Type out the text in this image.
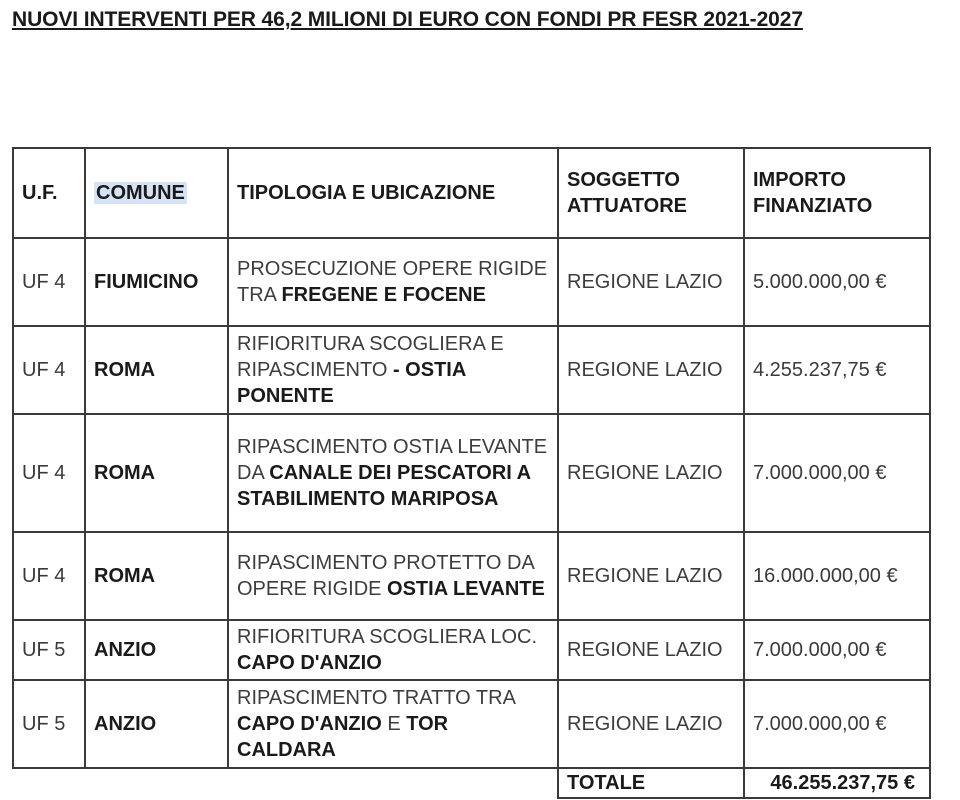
NUOVI INTERVENTI PER 46,2 MILIONI DI EURO CON FONDI PR FESR 2021-2027
U.F.	COMUNE	TIPOLOGIA E UBICAZIONE	SOGGETTO ATTUATORE	IMPORTO FINANZIATO
UF 4	FIUMICINO	PROSECUZIONE OPERE RIGIDE TRA FREGENE E FOCENE	REGIONE LAZIO	5.000.000,00 €
UF 4	ROMA	RIFIORITURA SCOGLIERA E RIPASCIMENTO - OSTIA PONENTE	REGIONE LAZIO	4.255.237,75 €
UF 4	ROMA	RIPASCIMENTO OSTIA LEVANTE DA CANALE DEI PESCATORI A STABILIMENTO MARIPOSA	REGIONE LAZIO	7.000.000,00 €
UF 4	ROMA	RIPASCIMENTO PROTETTO DA OPERE RIGIDE OSTIA LEVANTE	REGIONE LAZIO	16.000.000,00 €
UF 5	ANZIO	RIFIORITURA SCOGLIERA LOC. CAPO D'ANZIO	REGIONE LAZIO	7.000.000,00 €
UF 5	ANZIO	RIPASCIMENTO TRATTO TRA CAPO D'ANZIO E TOR CALDARA	REGIONE LAZIO	7.000.000,00 €
			TOTALE	46.255.237,75 €
